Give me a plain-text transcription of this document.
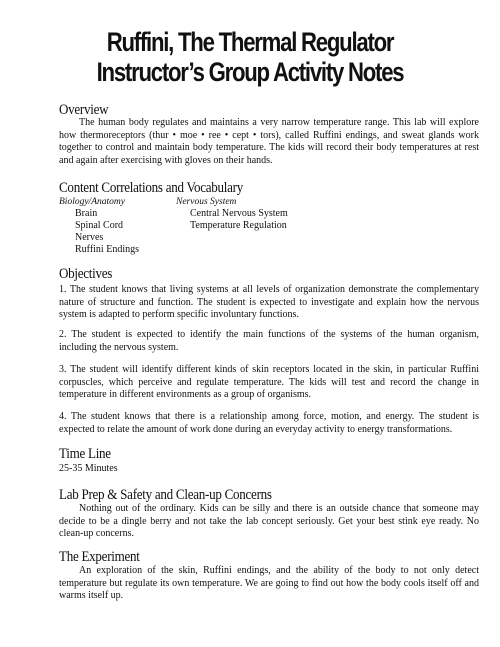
Ruffini, The Thermal Regulator
Instructor’s Group Activity Notes
Overview
The human body regulates and maintains a very narrow temperature range. This lab will explore how thermoreceptors (thur • moe • ree • cept • tors), called Ruffini endings, and sweat glands work together to control and maintain body temperature. The kids will record their body temperatures at rest and again after exercising with gloves on their hands.
Content Correlations and Vocabulary
Biology/Anatomy	Nervous System
Brain
Spinal Cord
Nerves
Ruffini Endings
Central Nervous System
Temperature Regulation
Objectives
1. The student knows that living systems at all levels of organization demonstrate the complementary nature of structure and function. The student is expected to investigate and explain how the nervous system is adapted to perform specific involuntary functions.
2. The student is expected to identify the main functions of the systems of the human organism, including the nervous system.
3. The student will identify different kinds of skin receptors located in the skin, in particular Ruffini corpuscles, which perceive and regulate temperature. The kids will test and record the change in temperature in different environments as a group of organisms.
4. The student knows that there is a relationship among force, motion, and energy. The student is expected to relate the amount of work done during an everyday activity to energy transformations.
Time Line
25-35 Minutes
Lab Prep & Safety and Clean-up Concerns
Nothing out of the ordinary. Kids can be silly and there is an outside chance that someone may decide to be a dingle berry and not take the lab concept seriously. Get your best stink eye ready. No clean-up concerns.
The Experiment
An exploration of the skin, Ruffini endings, and the ability of the body to not only detect temperature but regulate its own temperature. We are going to find out how the body cools itself off and warms itself up.
